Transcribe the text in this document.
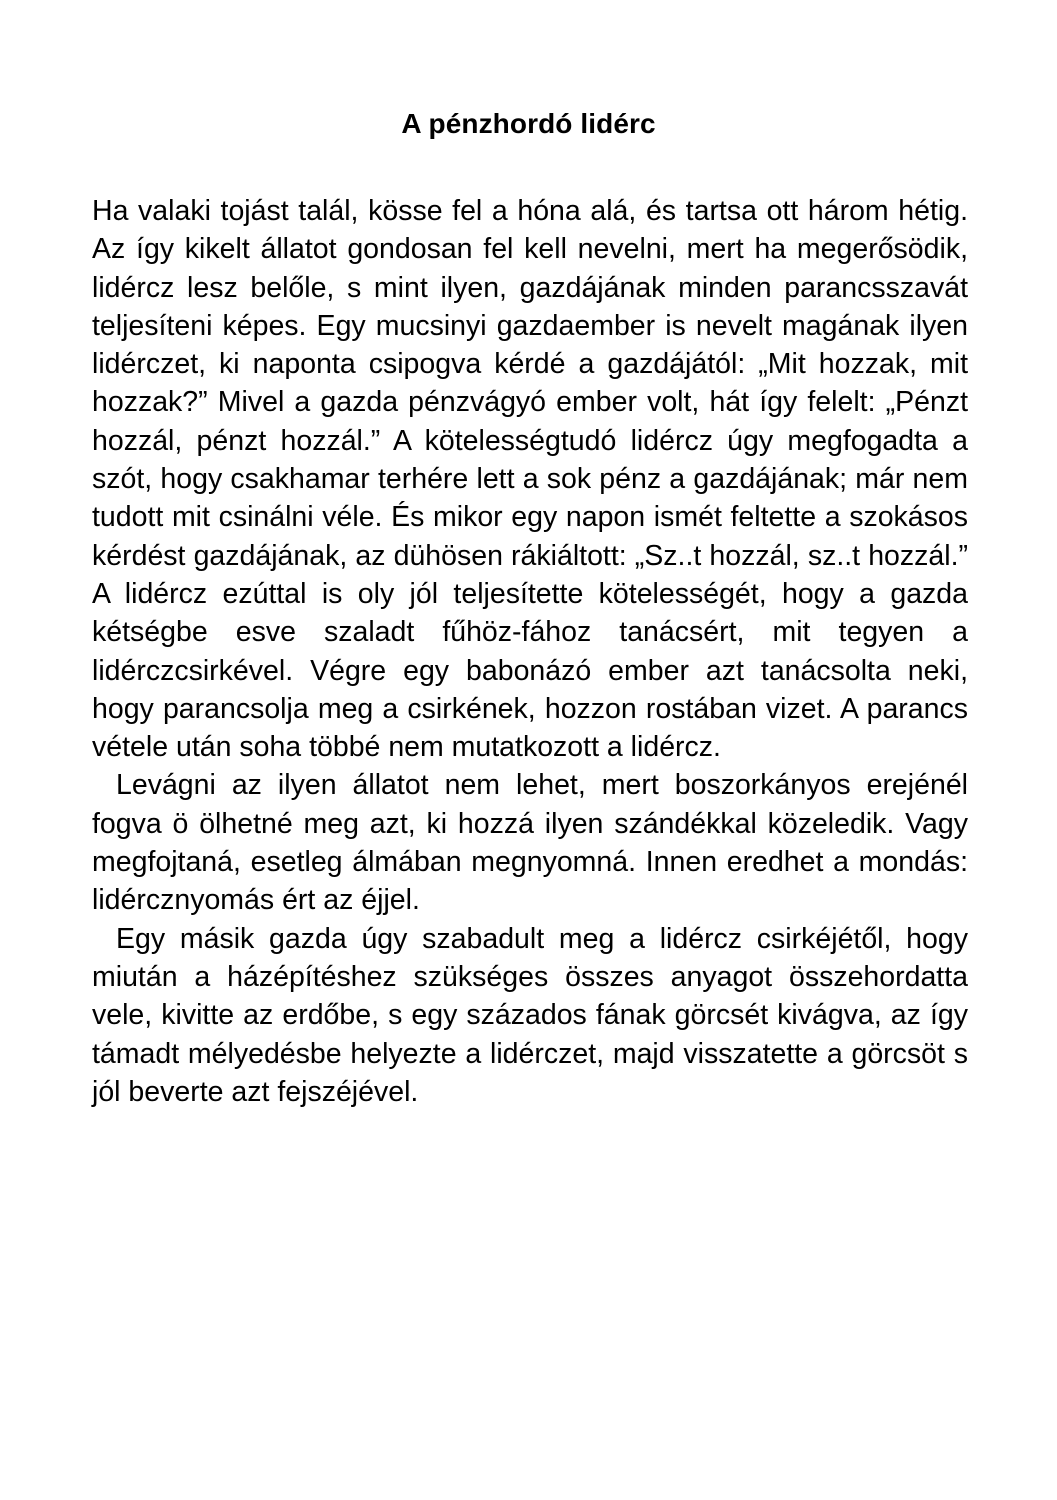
A pénzhordó lidérc

Ha valaki tojást talál, kösse fel a hóna alá, és tartsa ott három hétig. Az így kikelt állatot gondosan fel kell nevelni, mert ha megerősödik, lidércz lesz belőle, s mint ilyen, gazdájának minden parancsszavát teljesíteni képes. Egy mucsinyi gazdaember is nevelt magának ilyen lidérczet, ki naponta csipogva kérdé a gazdájától: „Mit hozzak, mit hozzak?” Mivel a gazda pénzvágyó ember volt, hát így felelt: „Pénzt hozzál, pénzt hozzál.” A kötelességtudó lidércz úgy megfogadta a szót, hogy csakhamar terhére lett a sok pénz a gazdájának; már nem tudott mit csinálni véle. És mikor egy napon ismét feltette a szokásos kérdést gazdájának, az dühösen rákiáltott: „Sz..t hozzál, sz..t hozzál.” A lidércz ezúttal is oly jól teljesítette kötelességét, hogy a gazda kétségbe esve szaladt fűhöz-fához tanácsért, mit tegyen a lidérczcsirkével. Végre egy babonázó ember azt tanácsolta neki, hogy parancsolja meg a csirkének, hozzon rostában vizet. A parancs vétele után soha többé nem mutatkozott a lidércz.

Levágni az ilyen állatot nem lehet, mert boszorkányos erejénél fogva ö ölhetné meg azt, ki hozzá ilyen szándékkal közeledik. Vagy megfojtaná, esetleg álmában megnyomná. Innen eredhet a mondás: lidércznyomás ért az éjjel.

Egy másik gazda úgy szabadult meg a lidércz csirkéjétől, hogy miután a házépítéshez szükséges összes anyagot összehordatta vele, kivitte az erdőbe, s egy százados fának görcsét kivágva, az így támadt mélyedésbe helyezte a lidérczet, majd visszatette a görcsöt s jól beverte azt fejszéjével.
